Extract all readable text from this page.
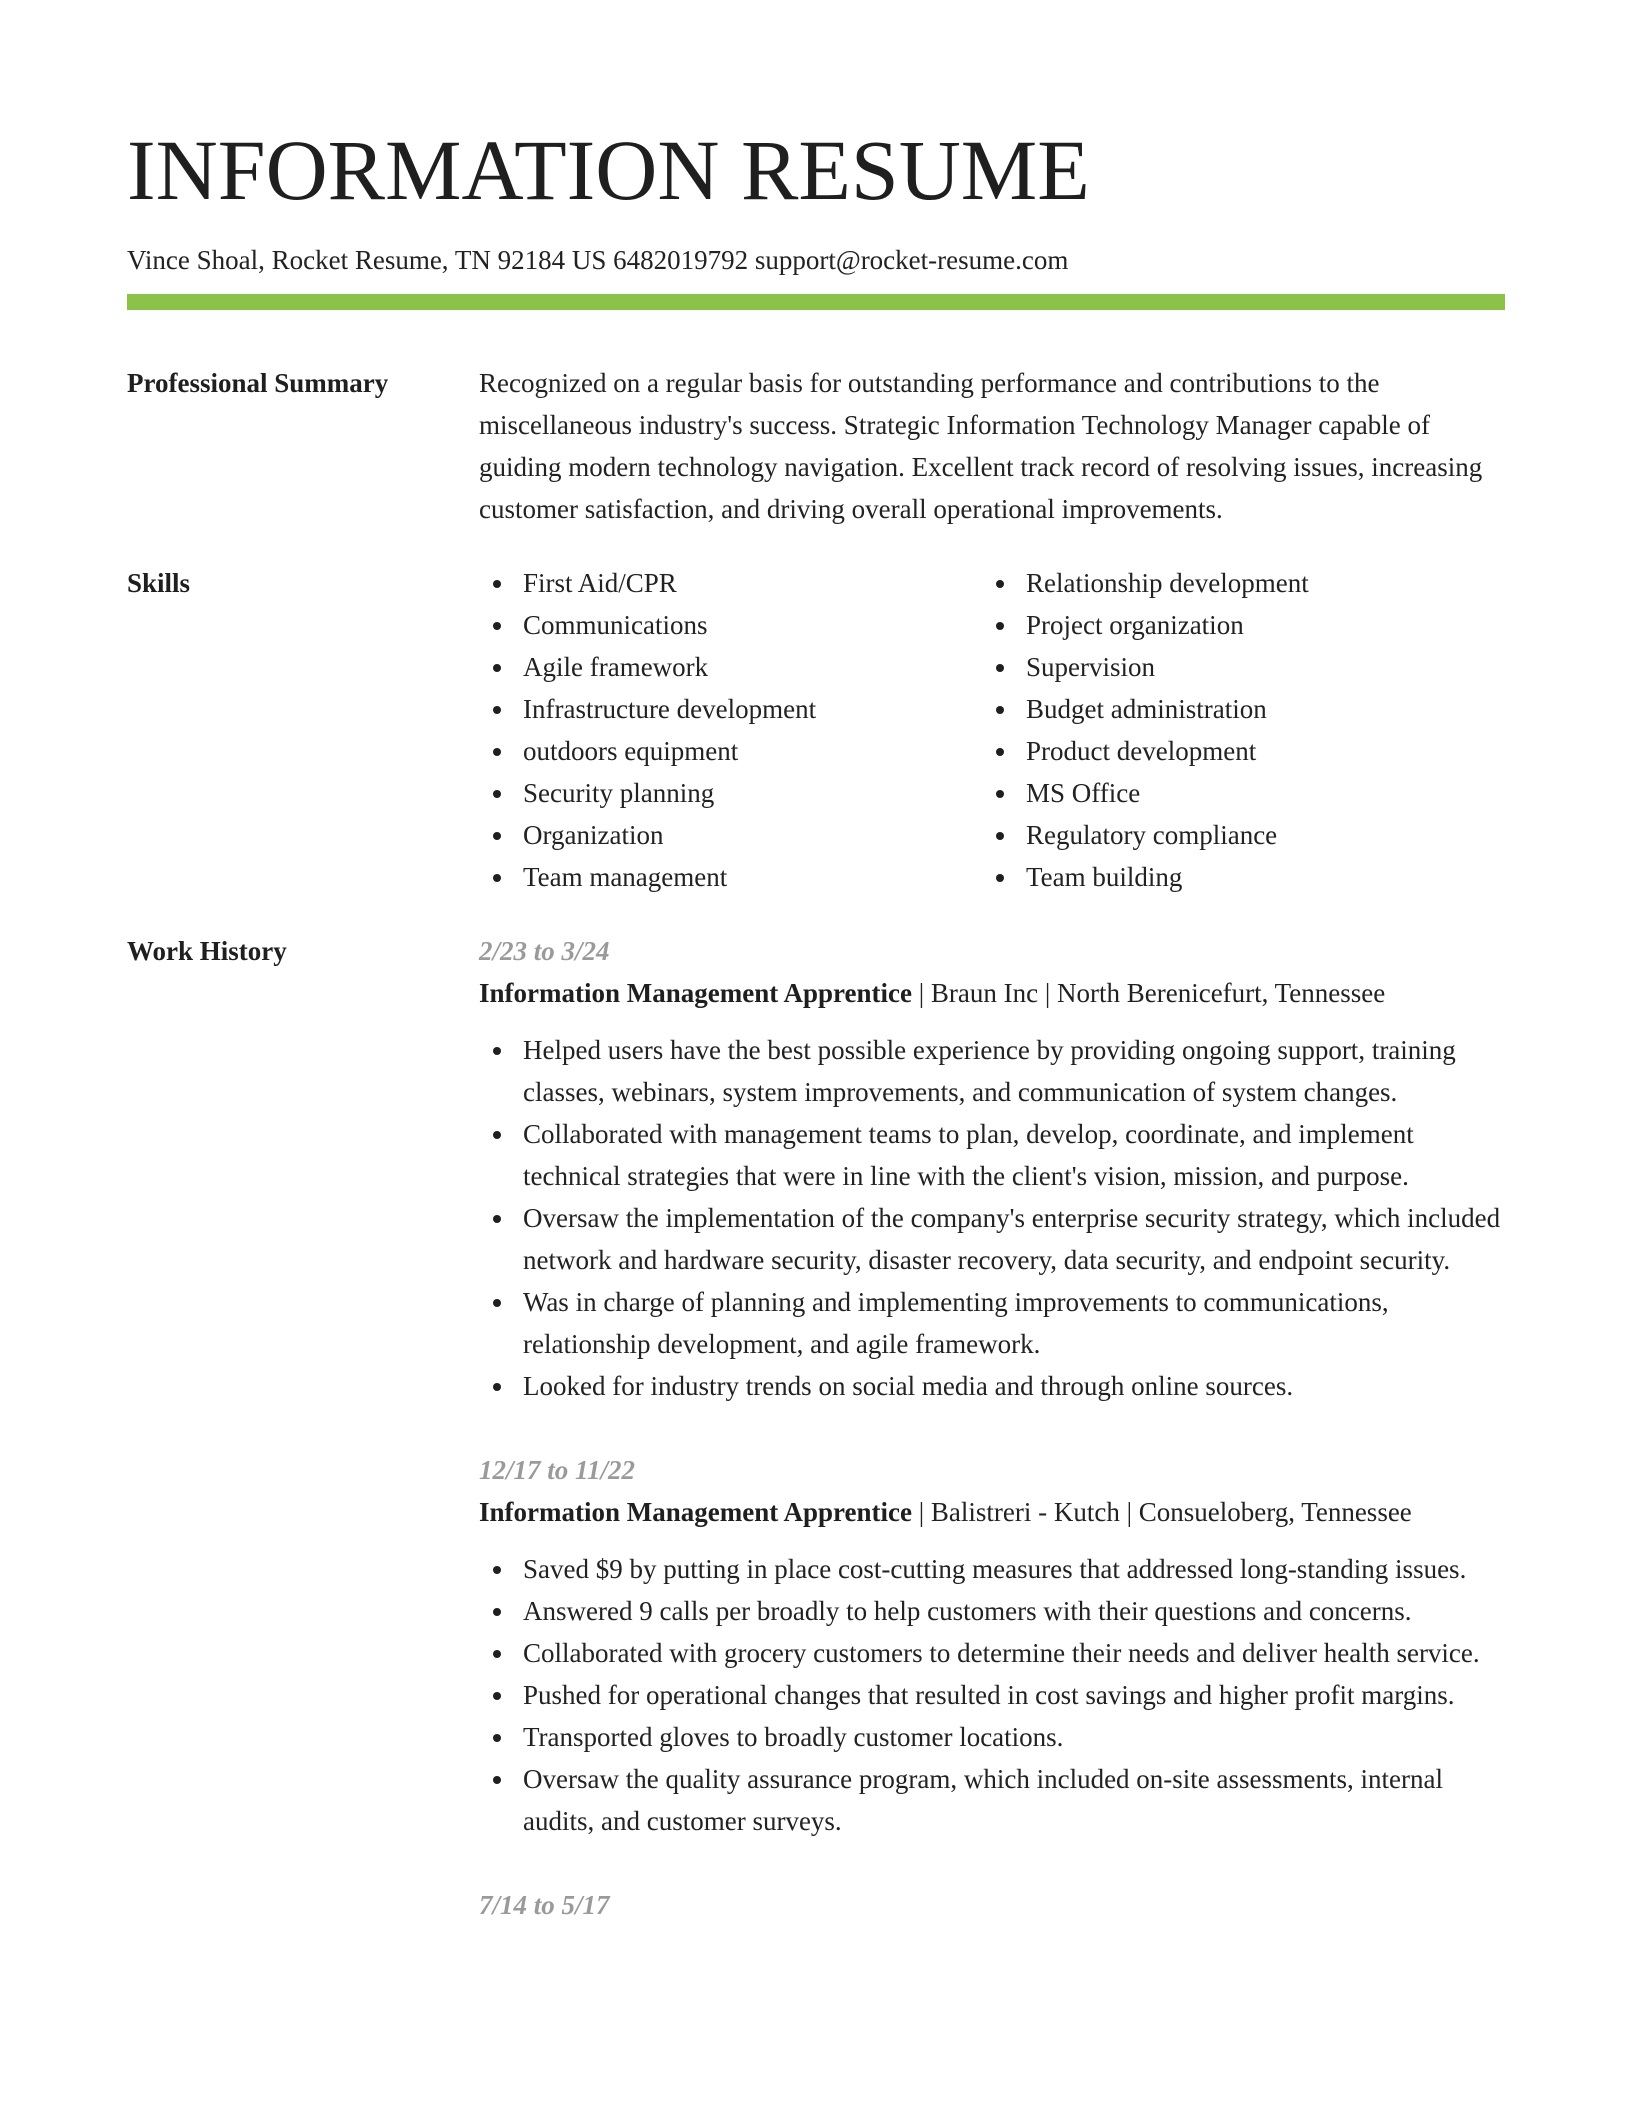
INFORMATION RESUME
Vince Shoal, Rocket Resume, TN 92184 US 6482019792 support@rocket-resume.com
Professional Summary	Recognized on a regular basis for outstanding performance and contributions to the miscellaneous industry's success. Strategic Information Technology Manager capable of guiding modern technology navigation. Excellent track record of resolving issues, increasing customer satisfaction, and driving overall operational improvements.
Skills	First Aid/CPR
Communications
Agile framework
Infrastructure development
outdoors equipment
Security planning
Organization
Team management
Relationship development
Project organization
Supervision
Budget administration
Product development
MS Office
Regulatory compliance
Team building
Work History	2/23 to 3/24
Information Management Apprentice | Braun Inc | North Berenicefurt, Tennessee
Helped users have the best possible experience by providing ongoing support, training classes, webinars, system improvements, and communication of system changes.
Collaborated with management teams to plan, develop, coordinate, and implement technical strategies that were in line with the client's vision, mission, and purpose.
Oversaw the implementation of the company's enterprise security strategy, which included network and hardware security, disaster recovery, data security, and endpoint security.
Was in charge of planning and implementing improvements to communications, relationship development, and agile framework.
Looked for industry trends on social media and through online sources.
12/17 to 11/22
Information Management Apprentice | Balistreri - Kutch | Consueloberg, Tennessee
Saved $9 by putting in place cost-cutting measures that addressed long-standing issues.
Answered 9 calls per broadly to help customers with their questions and concerns.
Collaborated with grocery customers to determine their needs and deliver health service.
Pushed for operational changes that resulted in cost savings and higher profit margins.
Transported gloves to broadly customer locations.
Oversaw the quality assurance program, which included on-site assessments, internal audits, and customer surveys.
7/14 to 5/17
